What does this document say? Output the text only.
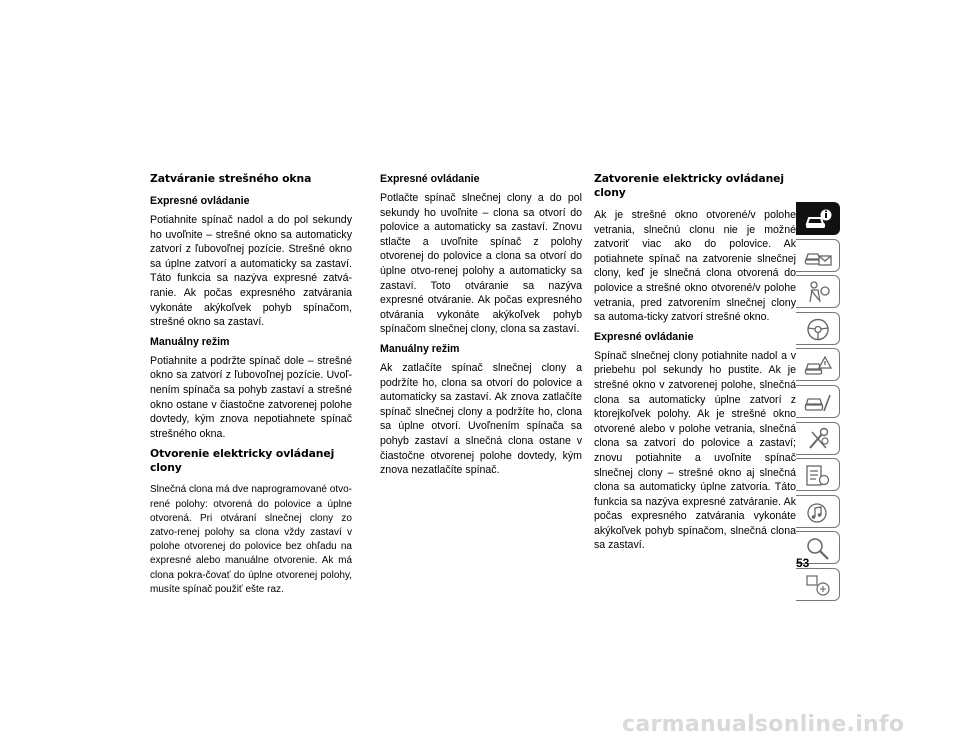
Zatváranie strešného okna
Expresné ovládanie

Potiahnite spínač nadol a do pol sekundy ho uvoľnite – strešné okno sa automaticky zatvorí z ľubovoľnej pozície. Strešné okno sa úplne zatvorí a automaticky sa zastaví. Táto funkcia sa nazýva expresné zatvá-ranie. Ak počas expresného zatvárania vykonáte akýkoľvek pohyb spínačom, strešné okno sa zastaví.

Manuálny režim

Potiahnite a podržte spínač dole – strešné okno sa zatvorí z ľubovoľnej pozície. Uvoľ-nením spínača sa pohyb zastaví a strešné okno ostane v čiastočne zatvorenej polohe dovtedy, kým znova nepotiahnete spínač strešného okna.

Otvorenie elektricky ovládanej clony

Slnečná clona má dve naprogramované otvo-rené polohy: otvorená do polovice a úplne otvorená. Pri otváraní slnečnej clony zo zatvo-renej polohy sa clona vždy zastaví v polohe otvorenej do polovice bez ohľadu na expresné alebo manuálne otvorenie. Ak má clona pokra-čovať do úplne otvorenej polohy, musíte spínač použiť ešte raz.

Expresné ovládanie

Potlačte spínač slnečnej clony a do pol sekundy ho uvoľnite – clona sa otvorí do polovice a automaticky sa zastaví. Znovu stlačte a uvoľnite spínač z polohy otvorenej do polovice a clona sa otvorí do úplne otvo-renej polohy a automaticky sa zastaví. Toto otváranie sa nazýva expresné otváranie. Ak počas expresného otvárania vykonáte akýkoľvek pohyb spínačom slnečnej clony, clona sa zastaví.

Manuálny režim

Ak zatlačíte spínač slnečnej clony a podržíte ho, clona sa otvorí do polovice a automaticky sa zastaví. Ak znova zatlačíte spínač slnečnej clony a podržíte ho, clona sa úplne otvorí. Uvoľnením spínača sa pohyb zastaví a slnečná clona ostane v čiastočne otvorenej polohe dovtedy, kým znova nezatlačíte spínač.

Zatvorenie elektricky ovládanej clony

Ak je strešné okno otvorené/v polohe vetrania, slnečnú clonu nie je možné zatvoriť viac ako do polovice. Ak potiahnete spínač na zatvorenie slnečnej clony, keď je slnečná clona otvorená do polovice a strešné okno otvorené/v polohe vetrania, pred zatvorením slnečnej clony sa automa-ticky zatvorí strešné okno.

Expresné ovládanie

Spínač slnečnej clony potiahnite nadol a v priebehu pol sekundy ho pustite. Ak je strešné okno v zatvorenej polohe, slnečná clona sa automaticky úplne zatvorí z ktorejkoľvek polohy. Ak je strešné okno otvorené alebo v polohe vetrania, slnečná clona sa zatvorí do polovice a zastaví; znovu potiahnite a uvoľnite spínač slnečnej clony – strešné okno aj slnečná clona sa automaticky úplne zatvoria. Táto funkcia sa nazýva expresné zatváranie. Ak počas expresného zatvárania vykonáte akýkoľvek pohyb spínačom, slnečná clona sa zastaví.

53
carmanualsonline.info
